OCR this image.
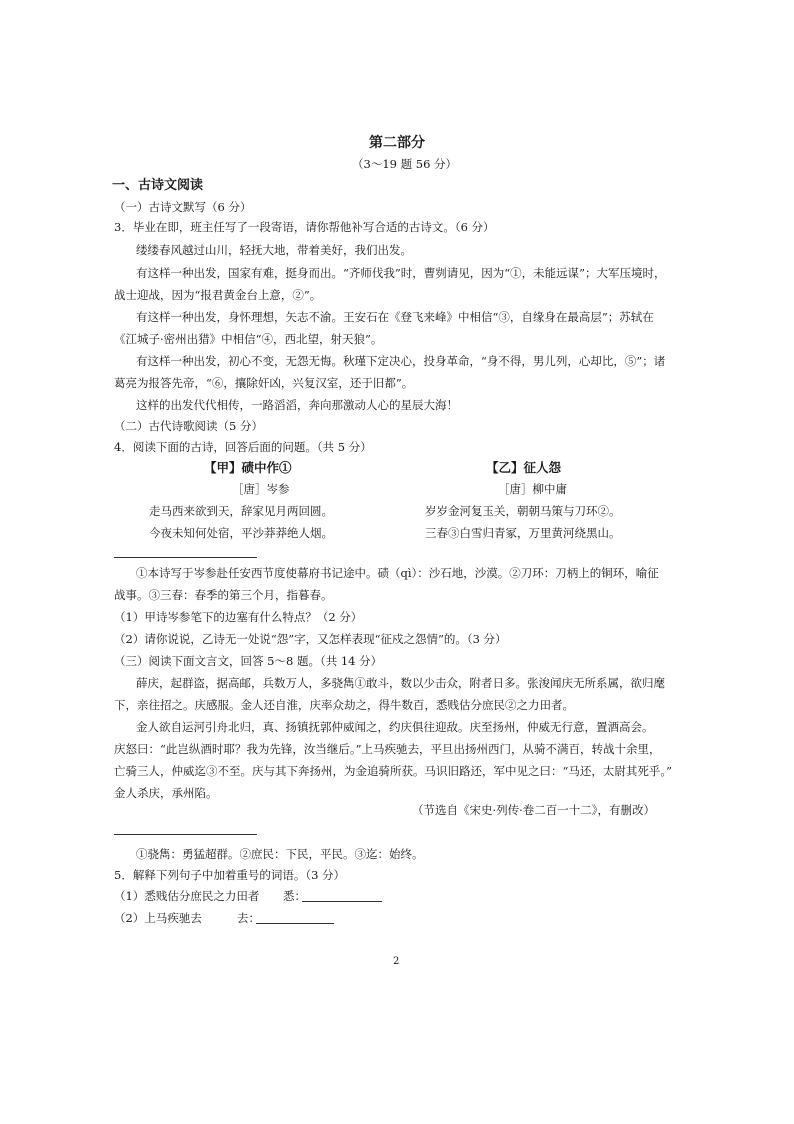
第二部分
（3～19 题 56 分）
一、古诗文阅读
（一）古诗文默写（6 分）
3．毕业在即，班主任写了一段寄语，请你帮他补写合适的古诗文。（6 分）
缕缕春风越过山川，轻抚大地，带着美好，我们出发。
有这样一种出发，国家有难，挺身而出。“齐师伐我”时，曹刿请见，因为“①，未能远谋”；大军压境时，
战士迎战，因为“报君黄金台上意，②”。
有这样一种出发，身怀理想，矢志不渝。王安石在《登飞来峰》中相信“③，自缘身在最高层”；苏轼在
《江城子·密州出猎》中相信“④，西北望，射天狼”。
有这样一种出发，初心不变，无怨无悔。秋瑾下定决心，投身革命，“身不得，男儿列，心却比，⑤”；诸
葛亮为报答先帝，“⑥，攘除奸凶，兴复汉室，还于旧都”。
这样的出发代代相传，一路滔滔，奔向那激动人心的星辰大海！
（二）古代诗歌阅读（5 分）
4．阅读下面的古诗，回答后面的问题。（共 5 分）
【甲】碛中作①
［唐］岑参
走马西来欲到天，辞家见月两回圆。
今夜未知何处宿，平沙莽莽绝人烟。
【乙】征人怨
［唐］柳中庸
岁岁金河复玉关，朝朝马策与刀环②。
三春③白雪归青冢，万里黄河绕黑山。
①本诗写于岑参赴任安西节度使幕府书记途中。碛（qì）：沙石地，沙漠。②刀环：刀柄上的铜环，喻征
战事。③三春：春季的第三个月，指暮春。
（1）甲诗岑参笔下的边塞有什么特点？（2 分）
（2）请你说说，乙诗无一处说“怨”字，又怎样表现“征戍之怨情”的。（3 分）
（三）阅读下面文言文，回答 5～8 题。（共 14 分）
薛庆，起群盗，据高邮，兵数万人，多骁雋①敢斗，数以少击众，附者日多。张浚闻庆无所系属，欲归麾
下，亲往招之。庆感服。金人还自淮，庆率众劫之，得牛数百，悉贱估分庶民②之力田者。
金人欲自运河引舟北归，真、扬镇抚郭仲威闻之，约庆俱往迎敌。庆至扬州，仲威无行意，置酒高会。
庆怒曰：“此岂纵酒时耶？我为先锋，汝当继后。”上马疾驰去，平旦出扬州西门，从骑不满百，转战十余里，
亡骑三人，仲威迄③不至。庆与其下奔扬州，为金追骑所获。马识旧路还，军中见之曰：“马还，太尉其死乎。”
金人杀庆，承州陷。
（节选自《宋史·列传·卷二百一十二》，有删改）
①骁雋：勇猛超群。②庶民：下民，平民。③迄：始终。
5．解释下列句子中加着重号的词语。（3 分）
（1）悉贱估分庶民之力田者 悉：
（2）上马疾驰去	去：
2
